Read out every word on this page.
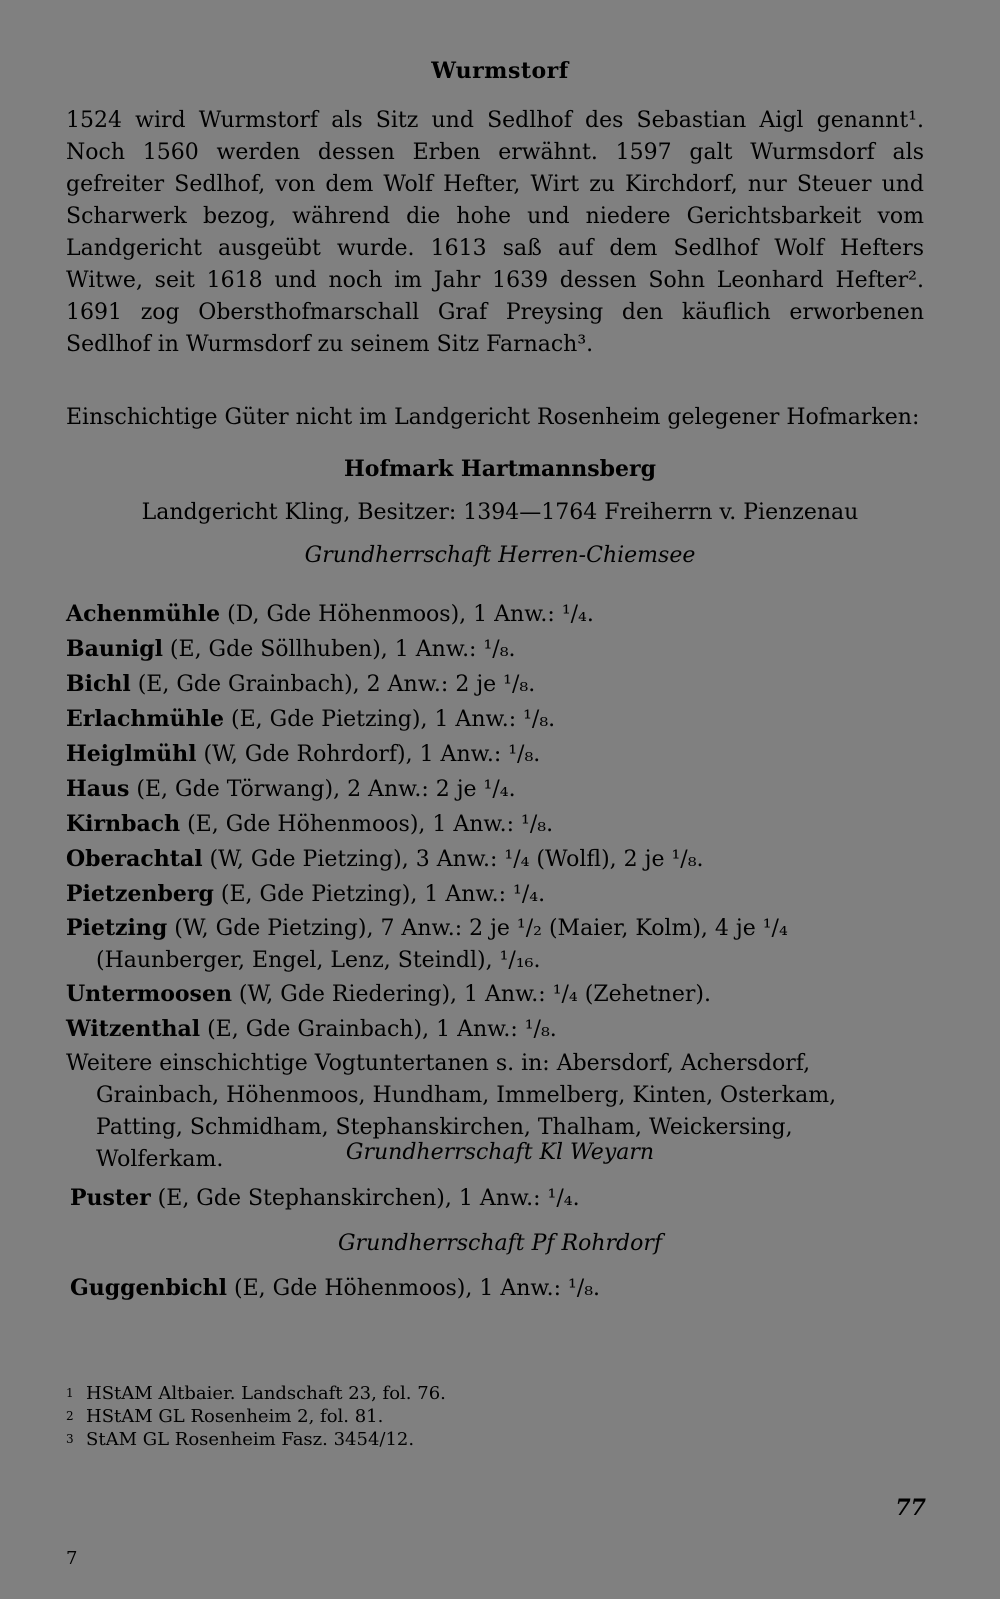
Wurmstorf

1524 wird Wurmstorf als Sitz und Sedlhof des Sebastian Aigl genannt¹. Noch 1560 werden dessen Erben erwähnt. 1597 galt Wurmsdorf als gefreiter Sedlhof, von dem Wolf Hefter, Wirt zu Kirchdorf, nur Steuer und Scharwerk bezog, während die hohe und niedere Gerichtsbarkeit vom Landgericht ausgeübt wurde. 1613 saß auf dem Sedlhof Wolf Hefters Witwe, seit 1618 und noch im Jahr 1639 dessen Sohn Leonhard Hefter². 1691 zog Obersthofmarschall Graf Preysing den käuflich erworbenen Sedlhof in Wurmsdorf zu seinem Sitz Farnach³.

Einschichtige Güter nicht im Landgericht Rosenheim gelegener Hofmarken:

Hofmark Hartmannsberg
Landgericht Kling, Besitzer: 1394—1764 Freiherrn v. Pienzenau
Grundherrschaft Herren-Chiemsee
Achenmühle (D, Gde Höhenmoos), 1 Anw.: ¹/₄.
Baunigl (E, Gde Söllhuben), 1 Anw.: ¹/₈.
Bichl (E, Gde Grainbach), 2 Anw.: 2 je ¹/₈.
Erlachmühle (E, Gde Pietzing), 1 Anw.: ¹/₈.
Heiglmühl (W, Gde Rohrdorf), 1 Anw.: ¹/₈.
Haus (E, Gde Törwang), 2 Anw.: 2 je ¹/₄.
Kirnbach (E, Gde Höhenmoos), 1 Anw.: ¹/₈.
Oberachtal (W, Gde Pietzing), 3 Anw.: ¹/₄ (Wolfl), 2 je ¹/₈.
Pietzenberg (E, Gde Pietzing), 1 Anw.: ¹/₄.
Pietzing (W, Gde Pietzing), 7 Anw.: 2 je ¹/₂ (Maier, Kolm), 4 je ¹/₄ (Haunberger, Engel, Lenz, Steindl), ¹/₁₆.
Untermoosen (W, Gde Riedering), 1 Anw.: ¹/₄ (Zehetner).
Witzenthal (E, Gde Grainbach), 1 Anw.: ¹/₈.
Weitere einschichtige Vogtuntertanen s. in: Abersdorf, Achersdorf, Grainbach, Höhenmoos, Hundham, Immelberg, Kinten, Osterkam, Patting, Schmidham, Stephanskirchen, Thalham, Weickersing, Wolferkam.	Grundherrschaft Kl Weyarn

Puster (E, Gde Stephanskirchen), 1 Anw.: ¹/₄.

Grundherrschaft Pf Rohrdorf

Guggenbichl (E, Gde Höhenmoos), 1 Anw.: ¹/₈.

1 HStAM Altbaier. Landschaft 23, fol. 76.
2 HStAM GL Rosenheim 2, fol. 81.
3 StAM GL Rosenheim Fasz. 3454/12.
77
7
